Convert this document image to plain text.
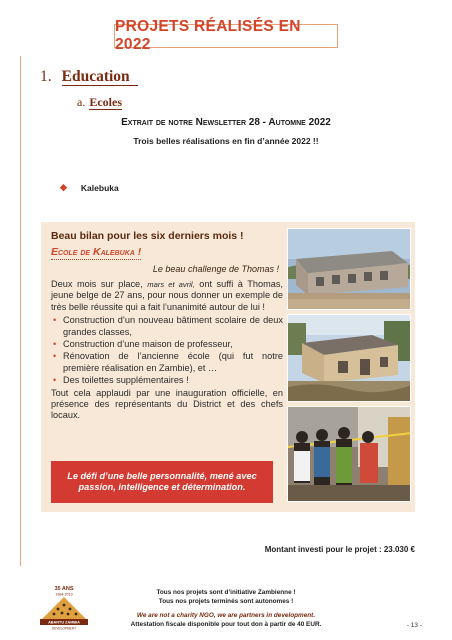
PROJETS RÉALISÉS EN 2022
1. Education
a. Ecoles
Extrait de notre Newsletter 28 - Automne 2022
Trois belles réalisations en fin d’année 2022 !!
◆ Kalebuka
Beau bilan pour les six derniers mois !
Ecole de Kalebuka !
Le beau challenge de Thomas !
Deux mois sur place, mars et avril, ont suffi à Thomas, jeune belge de 27 ans, pour nous donner un exemple de très belle réussite qui a fait l’unanimité autour de lui !
• Construction d’un nouveau bâtiment scolaire de deux grandes classes,
• Construction d’une maison de professeur,
• Rénovation de l’ancienne école (qui fut notre première réalisation en Zambie), et …
• Des toilettes supplémentaires !
Tout cela applaudi par une inauguration officielle, en présence des représentants du District et des chefs locaux.
Le défi d’une belle personnalité, mené avec passion, intelligence et détermination.
Montant investi pour le projet : 23.030 €
35 ANS
1984-2019
ABANTU ZAMBIA
DEVELOPMENT
Tous nos projets sont d’initiative Zambienne !
Tous nos projets terminés sont autonomes !
We are not a charity NGO, we are partners in development.
Attestation fiscale disponible pour tout don à partir de 40 EUR.	- 13 -
